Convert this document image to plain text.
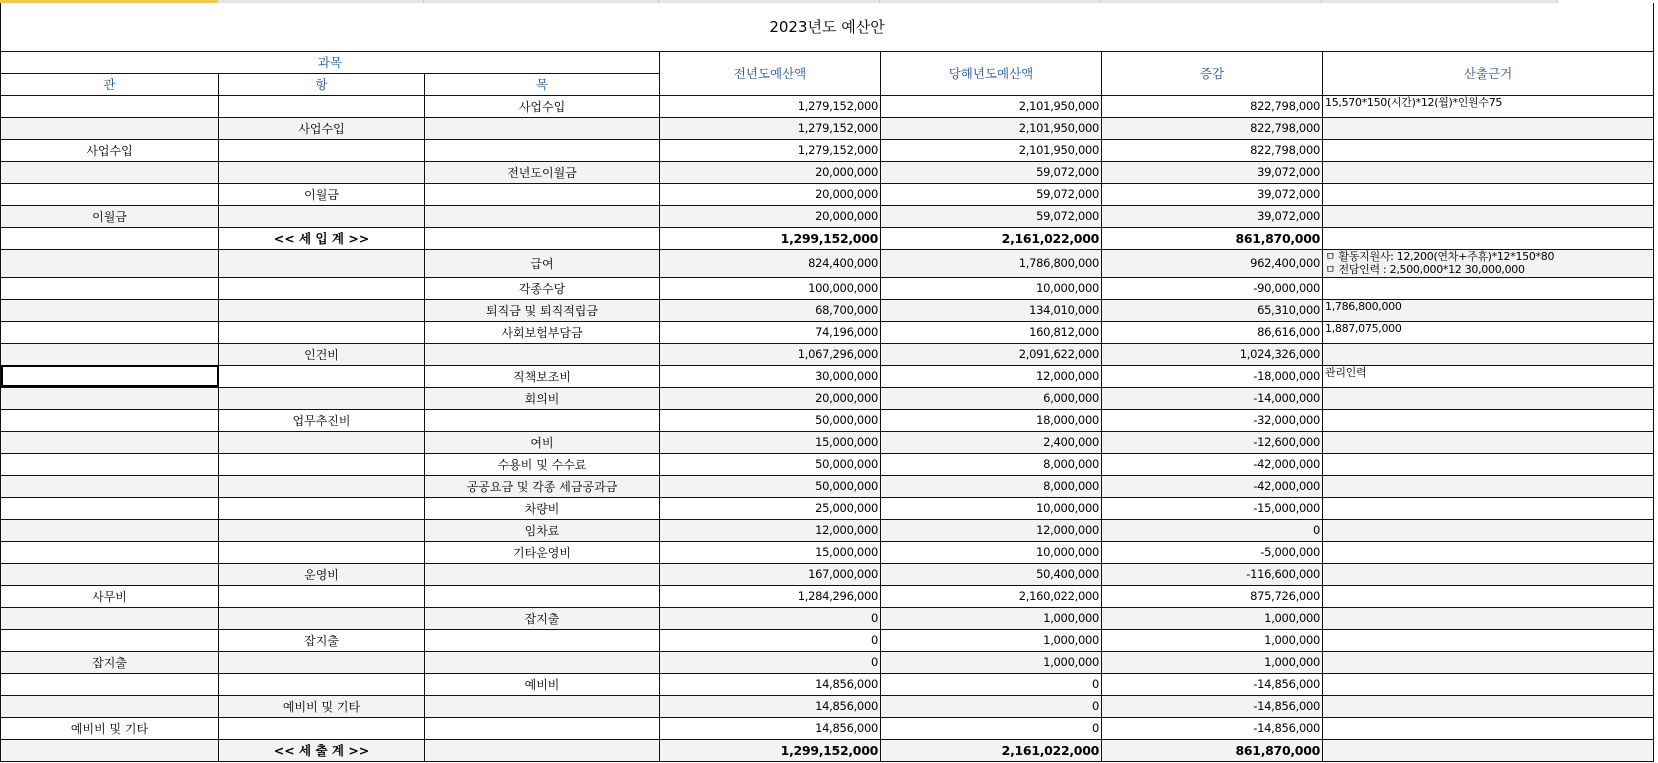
2023년도 예산안						
과목			전년도예산액	당해년도예산액	증감	산출근거
관	항	목				
		사업수입	1,279,152,000	2,101,950,000	822,798,000	15,570*150(시간)*12(월)*인원수75
	사업수입		1,279,152,000	2,101,950,000	822,798,000	
사업수입			1,279,152,000	2,101,950,000	822,798,000	
		전년도이월금	20,000,000	59,072,000	39,072,000	
	이월금		20,000,000	59,072,000	39,072,000	
이월금			20,000,000	59,072,000	39,072,000	
	<< 세 입 계 >>		1,299,152,000	2,161,022,000	861,870,000	
		급여	824,400,000	1,786,800,000	962,400,000	ㅁ 활동지원사: 12,200(연차+주휴)*12*150*80
ㅁ 전담인력 : 2,500,000*12 30,000,000

		각종수당	100,000,000	10,000,000	-90,000,000	
		퇴직금 및 퇴직적립금	68,700,000	134,010,000	65,310,000	1,786,800,000
		사회보험부담금	74,196,000	160,812,000	86,616,000	1,887,075,000
	인건비		1,067,296,000	2,091,622,000	1,024,326,000	
		직책보조비	30,000,000	12,000,000	-18,000,000	관리인력
		회의비	20,000,000	6,000,000	-14,000,000	
	업무추진비		50,000,000	18,000,000	-32,000,000	
		여비	15,000,000	2,400,000	-12,600,000	
		수용비 및 수수료	50,000,000	8,000,000	-42,000,000	
		공공요금 및 각종 세금공과금	50,000,000	8,000,000	-42,000,000	
		차량비	25,000,000	10,000,000	-15,000,000	
		임차료	12,000,000	12,000,000	0	
		기타운영비	15,000,000	10,000,000	-5,000,000	
	운영비		167,000,000	50,400,000	-116,600,000	
사무비			1,284,296,000	2,160,022,000	875,726,000	
		잡지출	0	1,000,000	1,000,000	
	잡지출		0	1,000,000	1,000,000	
잡지출			0	1,000,000	1,000,000	
		예비비	14,856,000	0	-14,856,000	
	예비비 및 기타		14,856,000	0	-14,856,000	
예비비 및 기타			14,856,000	0	-14,856,000	
	<< 세 출 계 >>		1,299,152,000	2,161,022,000	861,870,000	
